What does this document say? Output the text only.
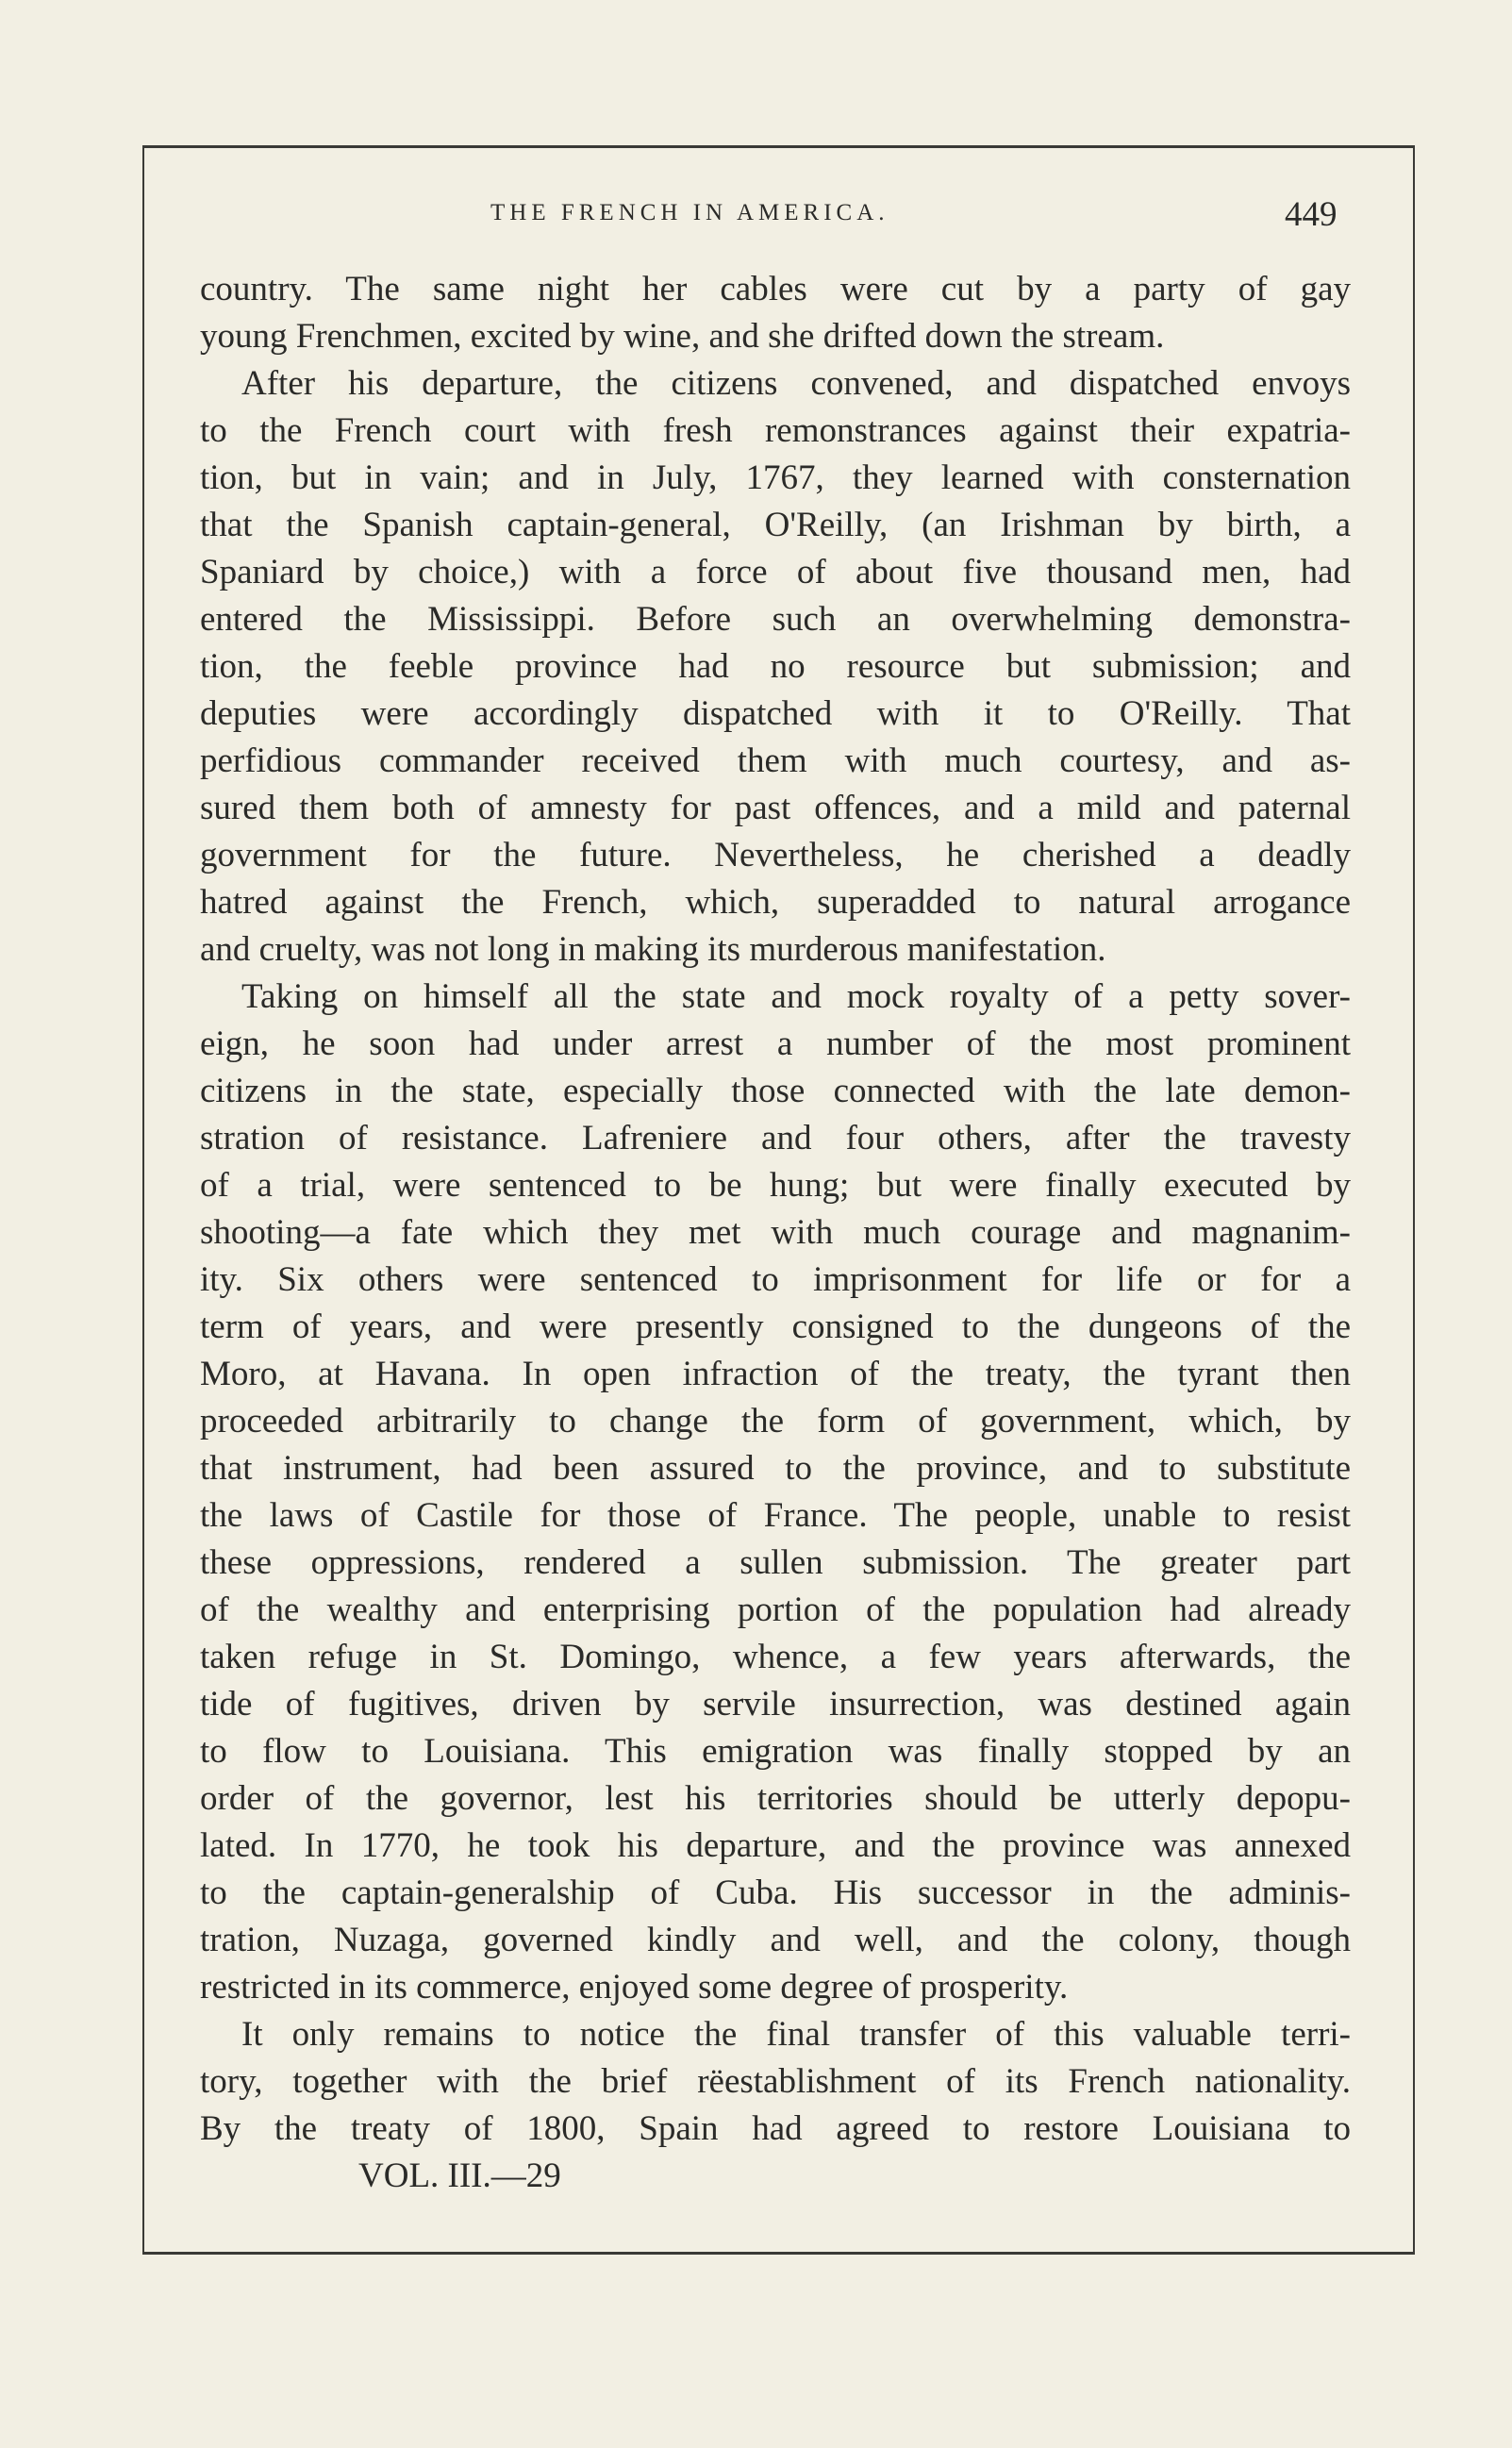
THE FRENCH IN AMERICA.	449
country. The same night her cables were cut by a party of gay
young Frenchmen, excited by wine, and she drifted down the stream.
After his departure, the citizens convened, and dispatched envoys
to the French court with fresh remonstrances against their expatria-
tion, but in vain; and in July, 1767, they learned with consternation
that the Spanish captain-general, O'Reilly, (an Irishman by birth, a
Spaniard by choice,) with a force of about five thousand men, had
entered the Mississippi. Before such an overwhelming demonstra-
tion, the feeble province had no resource but submission; and
deputies were accordingly dispatched with it to O'Reilly. That
perfidious commander received them with much courtesy, and as-
sured them both of amnesty for past offences, and a mild and paternal
government for the future. Nevertheless, he cherished a deadly
hatred against the French, which, superadded to natural arrogance
and cruelty, was not long in making its murderous manifestation.
Taking on himself all the state and mock royalty of a petty sover-
eign, he soon had under arrest a number of the most prominent
citizens in the state, especially those connected with the late demon-
stration of resistance. Lafreniere and four others, after the travesty
of a trial, were sentenced to be hung; but were finally executed by
shooting—a fate which they met with much courage and magnanim-
ity. Six others were sentenced to imprisonment for life or for a
term of years, and were presently consigned to the dungeons of the
Moro, at Havana. In open infraction of the treaty, the tyrant then
proceeded arbitrarily to change the form of government, which, by
that instrument, had been assured to the province, and to substitute
the laws of Castile for those of France. The people, unable to resist
these oppressions, rendered a sullen submission. The greater part
of the wealthy and enterprising portion of the population had already
taken refuge in St. Domingo, whence, a few years afterwards, the
tide of fugitives, driven by servile insurrection, was destined again
to flow to Louisiana. This emigration was finally stopped by an
order of the governor, lest his territories should be utterly depopu-
lated. In 1770, he took his departure, and the province was annexed
to the captain-generalship of Cuba. His successor in the adminis-
tration, Nuzaga, governed kindly and well, and the colony, though
restricted in its commerce, enjoyed some degree of prosperity.
It only remains to notice the final transfer of this valuable terri-
tory, together with the brief rëestablishment of its French nationality.
By the treaty of 1800, Spain had agreed to restore Louisiana to
VOL. III.—29
